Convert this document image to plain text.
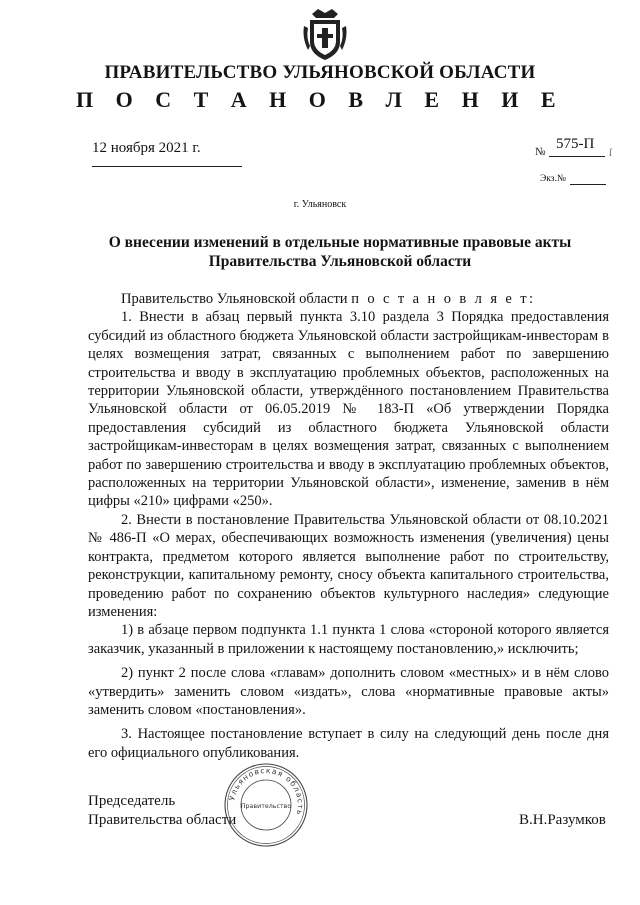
ПРАВИТЕЛЬСТВО УЛЬЯНОВСКОЙ ОБЛАСТИ
П О С Т А Н О В Л Е Н И Е
12 ноября 2021 г.	№ 575-П
ſ
Экз.№
г. Ульяновск
О внесении изменений в отдельные нормативные правовые акты
Правительства Ульяновской области

Правительство Ульяновской области п о с т а н о в л я е т:

1. Внести в абзац первый пункта 3.10 раздела 3 Порядка предоставления субсидий из областного бюджета Ульяновской области застройщикам-инвесторам в целях возмещения затрат, связанных с выполнением работ по завершению строительства и вводу в эксплуатацию проблемных объектов, расположенных на территории Ульяновской области, утверждённого постановлением Правительства Ульяновской области от 06.05.2019 № 183-П «Об утверждении Порядка предоставления субсидий из областного бюджета Ульяновской области застройщикам-инвесторам в целях возмещения затрат, связанных с выполнением работ по завершению строительства и вводу в эксплуатацию проблемных объектов, расположенных на территории Ульяновской области», изменение, заменив в нём цифры «210» цифрами «250».

2. Внести в постановление Правительства Ульяновской области от 08.10.2021 № 486-П «О мерах, обеспечивающих возможность изменения (увеличения) цены контракта, предметом которого является выполнение работ по строительству, реконструкции, капитальному ремонту, сносу объекта капитального строительства, проведению работ по сохранению объектов культурного наследия» следующие изменения:

1) в абзаце первом подпункта 1.1 пункта 1 слова «стороной которого является заказчик, указанный в приложении к настоящему постановлению,» исключить;

2) пункт 2 после слова «главам» дополнить словом «местных» и в нём слово «утвердить» заменить словом «издать», слова «нормативные правовые акты» заменить словом «постановления».

3. Настоящее постановление вступает в силу на следующий день после дня его официального опубликования.

Председатель
Правительства области	В.Н.Разумков
Ульяновская область
Правительство
